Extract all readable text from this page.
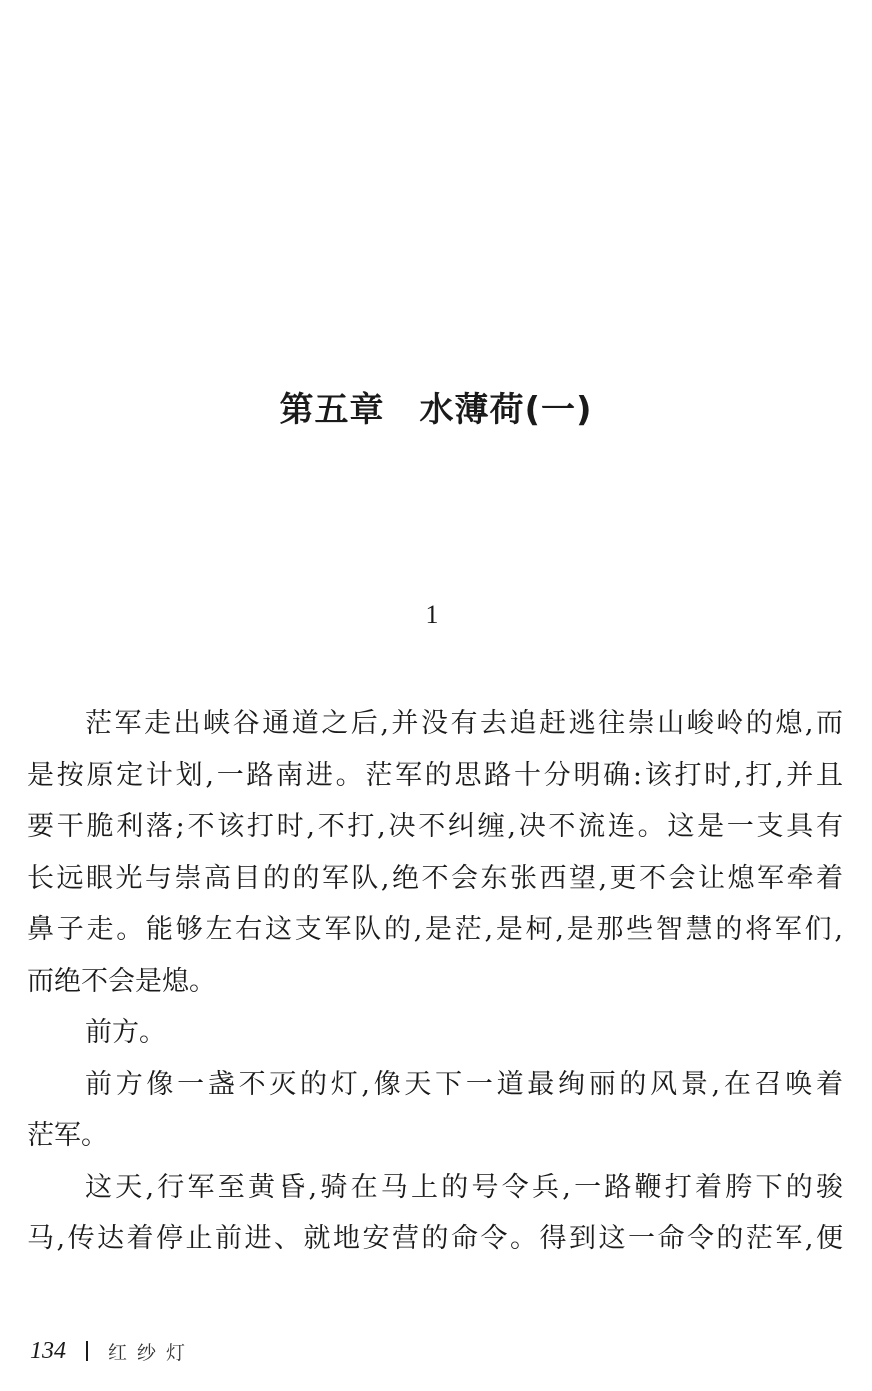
第五章　水薄荷(一)
1
茫军走出峡谷通道之后,并没有去追赶逃往崇山峻岭的熄,而
是按原定计划,一路南进。茫军的思路十分明确:该打时,打,并且
要干脆利落;不该打时,不打,决不纠缠,决不流连。这是一支具有
长远眼光与崇高目的的军队,绝不会东张西望,更不会让熄军牵着
鼻子走。能够左右这支军队的,是茫,是柯,是那些智慧的将军们,
而绝不会是熄。
前方。
前方像一盏不灭的灯,像天下一道最绚丽的风景,在召唤着
茫军。
这天,行军至黄昏,骑在马上的号令兵,一路鞭打着胯下的骏
马,传达着停止前进、就地安营的命令。得到这一命令的茫军,便
134 红纱灯
